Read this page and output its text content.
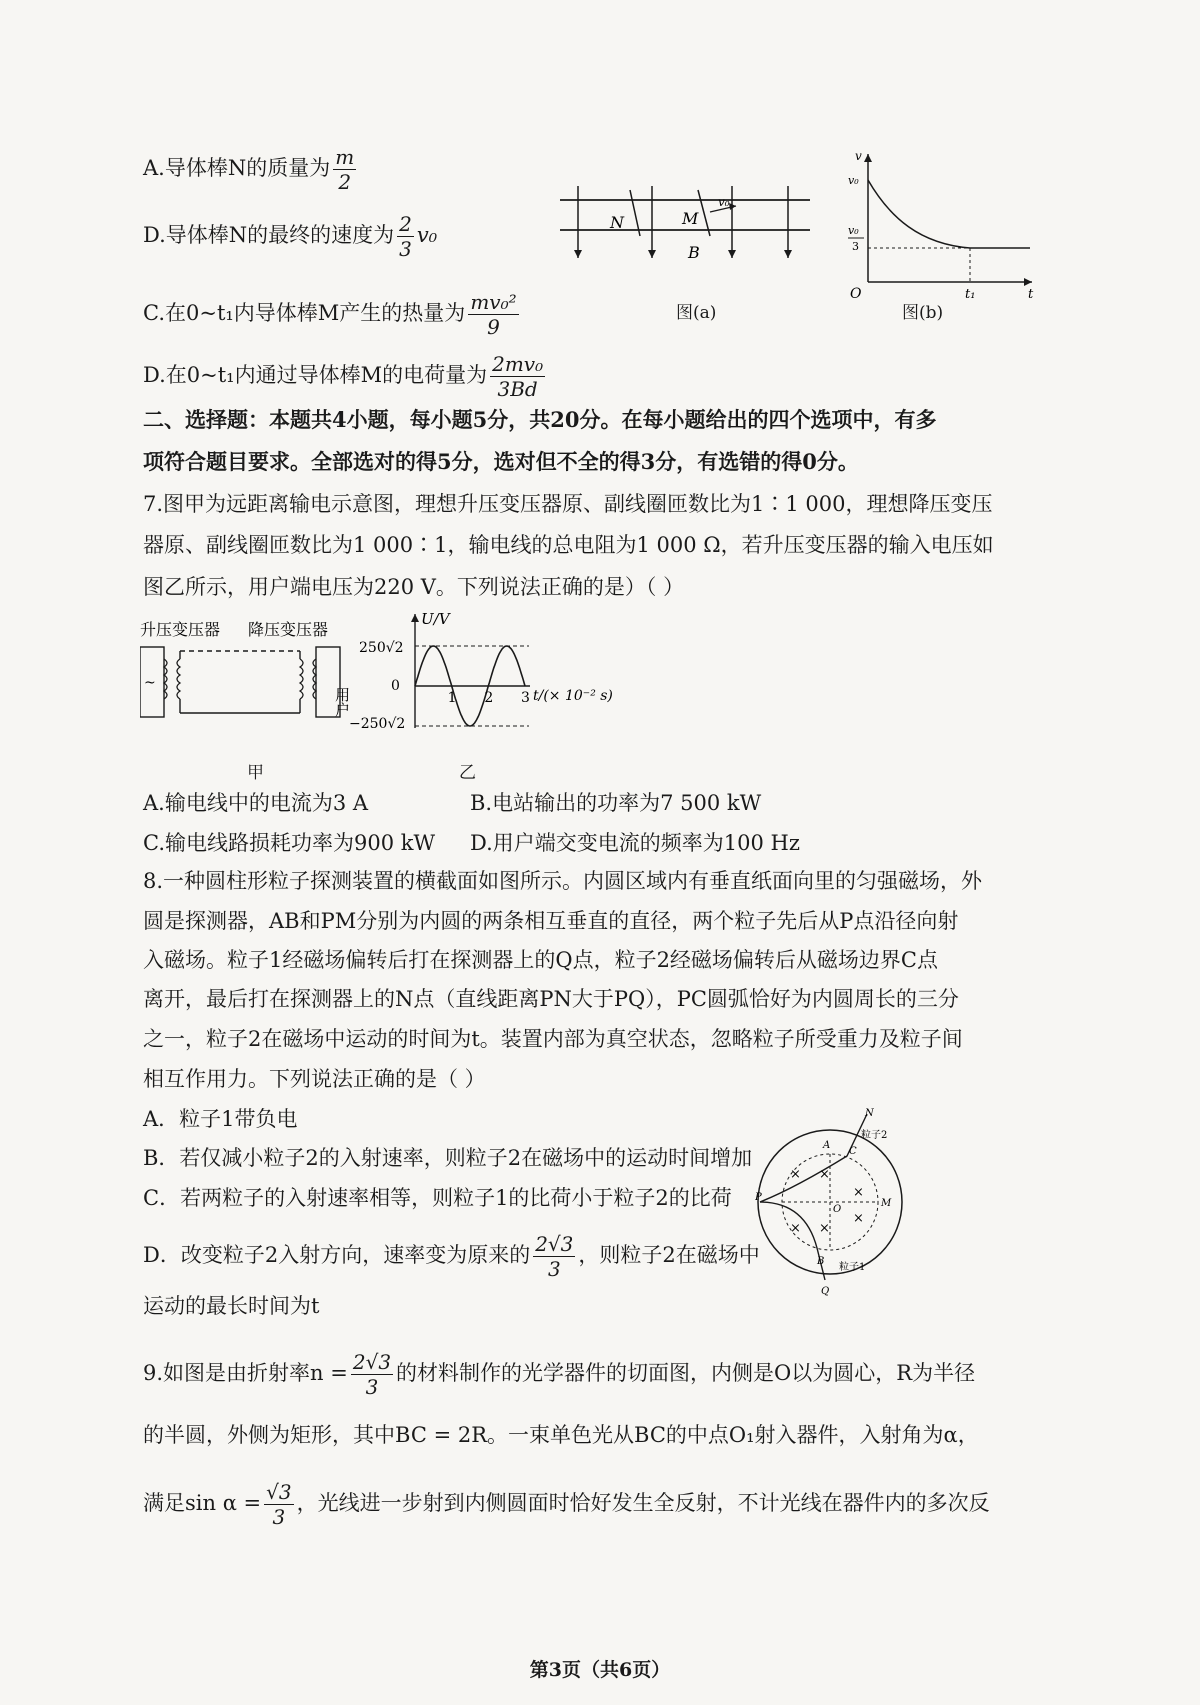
A.导体棒N的质量为 $\frac{m}{2}$
D.导体棒N的最终的速度为 $\frac{2}{3} v_0$
C.在0~t₁内导体棒M产生的热量为 $\frac{\text{mv₀²}}{9}$
D.在0~t₁内通过导体棒M的电荷量为 $\frac{\text{2mv₀}}{3Bd}$
N	M
v₀
B
图(a)
v
v₀
v₀
3
O	t₁	t
图(b)
二、选择题：本题共4小题，每小题5分，共20分。在每小题给出的四个选项中，有多
项符合题目要求。全部选对的得5分，选对但不全的得3分，有选错的得0分。
7.图甲为远距离输电示意图，理想升压变压器原、副线圈匝数比为1∶1 000，理想降压变压
器原、副线圈匝数比为1 000∶1，输电线的总电阻为1 000 Ω，若升压变压器的输入电压如
图乙所示，用户端电压为220 V。下列说法正确的是）（ ）
升压变压器 降压变压器
~
用户
甲
U/V
250√2
0
−250√2
t/(× 10⁻² s)
1 2 3
乙
A.输电线中的电流为3 A	B.电站输出的功率为7 500 kW
C.输电线路损耗功率为900 kW D.用户端交变电流的频率为100 Hz
8.一种圆柱形粒子探测装置的横截面如图所示。内圆区域内有垂直纸面向里的匀强磁场，外
圆是探测器，AB和PM分别为内圆的两条相互垂直的直径，两个粒子先后从P点沿径向射
入磁场。粒子1经磁场偏转后打在探测器上的Q点，粒子2经磁场偏转后从磁场边界C点
离开，最后打在探测器上的N点（直线距离PN大于PQ），PC圆弧恰好为内圆周长的三分
之一，粒子2在磁场中运动的时间为t。装置内部为真空状态，忽略粒子所受重力及粒子间
相互作用力。下列说法正确的是（ ）
A．粒子1带负电
B．若仅减小粒子2的入射速率，则粒子2在磁场中的运动时间增加
C．若两粒子的入射速率相等，则粒子1的比荷小于粒子2的比荷
D．改变粒子2入射方向，速率变为原来的 $\frac{2√3}{3}$ ，则粒子2在磁场中
运动的最长时间为t
× ×
×
× ×
×
N
A
C
P
O
M
B
Q
粒子2
粒子1
9.如图是由折射率$n = \frac{2√3}{3}$ 的材料制作的光学器件的切面图，内侧是O以为圆心，R为半径
的半圆，外侧为矩形，其中BC = 2R。一束单色光从BC的中点O₁射入器件，入射角为α，
满足$\sin \alpha = \frac{√3}{3}$ ，光线进一步射到内侧圆面时恰好发生全反射，不计光线在器件内的多次反
第3页（共6页）
